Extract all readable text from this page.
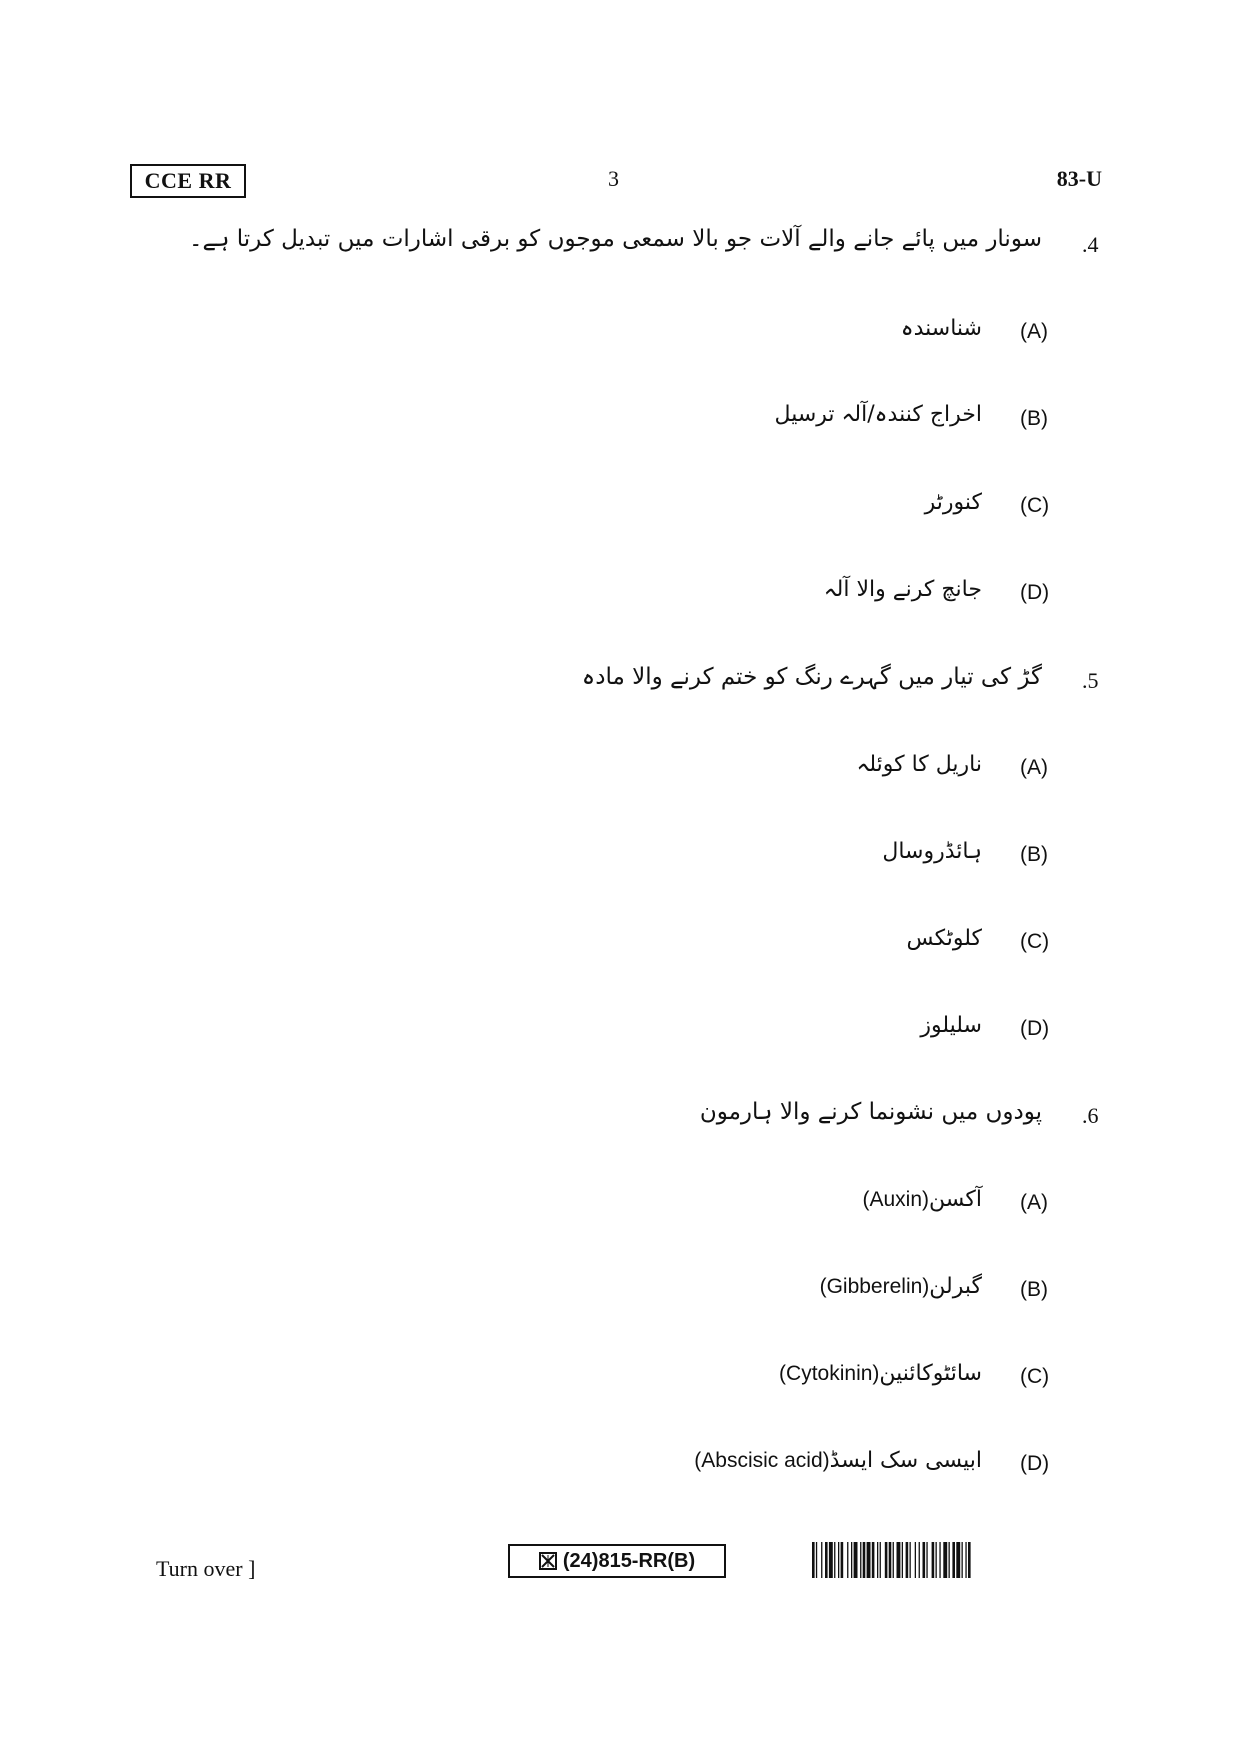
CCE RR	3	83-U
.4
سونار میں پائے جانے والے آلات جو بالا سمعی موجوں کو برقی اشارات میں تبدیل کرتا ہے۔
(A)
شناسندہ
(B)
اخراج کنندہ/آلہ ترسیل
(C)
کنورٹر
(D)
جانچ کرنے والا آلہ
.5
گڑ کی تیار میں گہرے رنگ کو ختم کرنے والا مادہ
(A)
ناریل کا کوئلہ
(B)
ہائڈروسال
(C)
کلوٹکس
(D)
سلیلوز
.6
پودوں میں نشونما کرنے والا ہارمون
(A)
آکسن(Auxin)
(B)
گبرلن(Gibberelin)
(C)
سائٹوکائنین(Cytokinin)
(D)
ابیسی سک ایسڈ(Abscisic acid)
Turn over ]	(24)815-RR(B)
